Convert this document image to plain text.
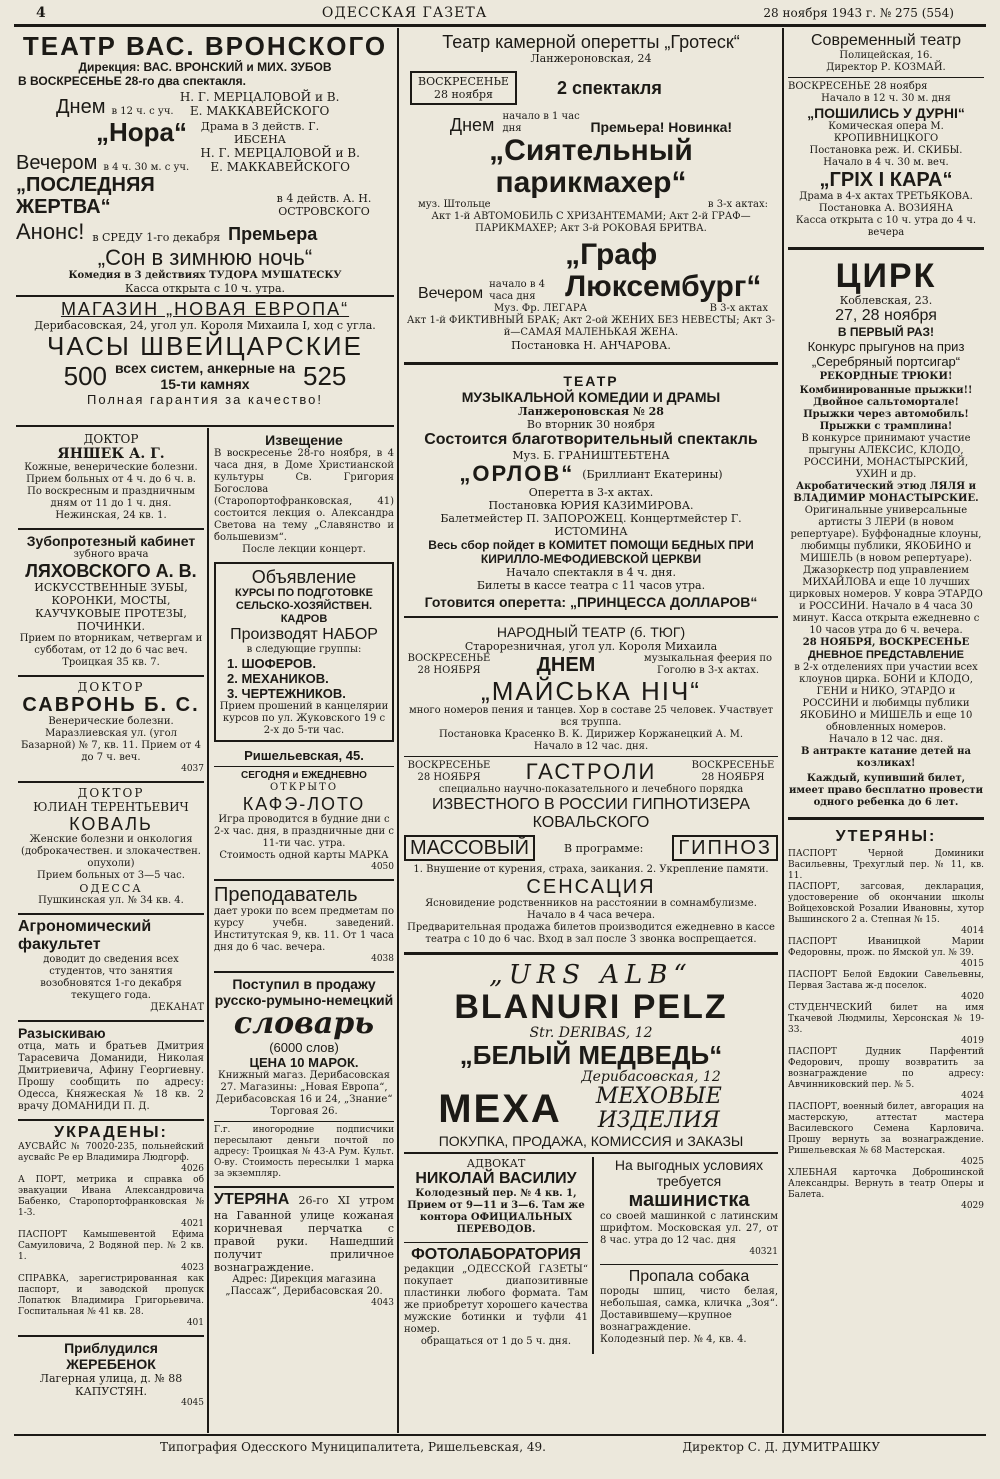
4	ОДЕССКАЯ ГАЗЕТА	28 ноября 1943 г. № 275 (554)
ТЕАТР ВАС. ВРОНСКОГО
Дирекция: ВАС. ВРОНСКИЙ и МИХ. ЗУБОВ
В ВОСКРЕСЕНЬЕ 28-го два спектакля.
Днем в 12 ч. с уч.
Н. Г. МЕРЦАЛОВОЙ и В. Е. МАККАВЕЙСКОГО
„Нора“	Драма в 3 действ. Г. ИБСЕНА
Вечером в 4 ч. 30 м. с уч.
Н. Г. МЕРЦАЛОВОЙ и В. Е. МАККАВЕЙСКОГО
„ПОСЛЕДНЯЯ ЖЕРТВА“	в 4 действ. А. Н. ОСТРОВСКОГО
Анонс! в СРЕДУ 1-го декабря Премьера
„Сон в зимнюю ночь“
Комедия в 3 действиях ТУДОРА МУШАТЕСКУ
Касса открыта с 10 ч. утра.
МАГАЗИН „НОВАЯ ЕВРОПА“
Дерибасовская, 24, угол ул. Короля Михаила I, ход с угла.
ЧАСЫ ШВЕЙЦАРСКИЕ
500 всех систем, анкерные на 15-ти камнях	525
Полная гарантия за качество!
ДОКТОР
ЯНШЕК А. Г.
Кожные, венерические болезни. Прием больных от 4 ч. до 6 ч. в. По воскресным и праздничным дням от 11 до 1 ч. дня.
Нежинская, 24 кв. 1.
Зубопротезный кабинет
зубного врача
ЛЯХОВСКОГО А. В.
ИСКУССТВЕННЫЕ ЗУБЫ, КОРОНКИ, МОСТЫ, КАУЧУКОВЫЕ ПРОТЕЗЫ, ПОЧИНКИ.
Прием по вторникам, четвергам и субботам, от 12 до 6 час веч.
Троицкая 35 кв. 7.
ДОКТОР
САВРОНЬ Б. С.
Венерические болезни.
Маразлиевская ул. (угол Базарной) № 7, кв. 11. Прием от 4 до 7 ч. веч.
4037
ДОКТОР
ЮЛИАН ТЕРЕНТЬЕВИЧ
КОВАЛЬ
Женские болезни и онкология (доброкачествен. и злокачествен. опухоли)
Прием больных от 3—5 час.
ОДЕССА
Пушкинская ул. № 34 кв. 4.
Агрономический факультет
доводит до сведения всех студентов, что занятия возобновятся 1-го декабря текущего года.
ДЕКАНАТ
Разыскиваю
отца, мать и братьев Дмитрия Тарасевича Доманиди, Николая Дмитриевича, Афину Георгиевну. Прошу сообщить по адресу: Одесса, Княжеская № 18 кв. 2 врачу ДОМАНИДИ П. Д.
УКРАДЕНЫ:
АУСВАЙС № 70020-235, польнейский аусвайс Ре ер Владимира Людгорф.
4026
А ПОРТ, метрика и справка об эвакуации Ивана Александровича Бабенко, Старопортофранковская № 1-3.
4021
ПАСПОРТ Камышевентой Ефима Самуиловича, 2 Водяной пер. № 2 кв. 1.
4023
СПРАВКА, зарегистрированная как паспорт, и заводской пропуск Лопатюк Владимира Григорьевича. Госпитальная № 41 кв. 28.
401
Приблудился ЖЕРЕБЕНОК
Лагерная улица, д. № 88
КАПУСТЯН.
4045
Извещение
В воскресенье 28-го ноября, в 4 часа дня, в Доме Христианской культуры Св. Григория Богослова (Старопортофранковская, 41) состоится лекция о. Александра Светова на тему „Славянство и большевизм“.
После лекции концерт.
Объявление
КУРСЫ ПО ПОДГОТОВКЕ СЕЛЬСКО-ХОЗЯЙСТВЕН. КАДРОВ
Производят НАБОР
в следующие группы:
1. ШОФЕРОВ.
2. МЕХАНИКОВ.
3. ЧЕРТЕЖНИКОВ.
Прием прошений в канцелярии курсов по ул. Жуковского 19 с 2-х до 5-ти час.
Ришельевская, 45.
СЕГОДНЯ и ЕЖЕДНЕВНО
ОТКРЫТО
КАФЭ-ЛОТО
Игра проводится в будние дни с 2-х час. дня, в праздничные дни с 11-ти час. утра.
Стоимость одной карты МАРКА
4050
Преподаватель
дает уроки по всем предметам по курсу учебн. заведений. Институтская 9, кв. 11. От 1 часа дня до 6 час. вечера.
4038
Поступил в продажу
русско-румыно-немецкий
словарь
(6000 слов)
ЦЕНА 10 МАРОК.
Книжный магаз. Дерибасовская 27. Магазины: „Новая Европа“, Дерибасовская 16 и 24, „Знание“ Торговая 26.
Г.г. иногородние подписчики пересылают деньги почтой по адресу: Троицкая № 43-А Рум. Культ. О-ву. Стоимость пересылки 1 марка за экземпляр.
УТЕРЯНА 26-го XI утром на Гаванной улице кожаная коричневая перчатка с правой руки. Нашедший получит приличное вознаграждение.
Адрес: Дирекция магазина „Пассаж“, Дерибасовская 20.
4043
Театр камерной оперетты „Гротеск“
Ланжероновская, 24
ВОСКРЕСЕНЬЕ
28 ноября	2 спектакля
Днем начало в 1 час дня	Премьера! Новинка!
„Сиятельный парикмахер“
муз. Штольце	в 3-х актах:
Акт 1-й АВТОМОБИЛЬ С ХРИЗАНТЕМАМИ; Акт 2-й ГРАФ—ПАРИКМАХЕР; Акт 3-й РОКОВАЯ БРИТВА.
Вечером
начало в 4 часа дня
„Граф Люксембург“
Муз. Фр. ЛЕГАРА	В 3-х актах
Акт 1-й ФИКТИВНЫЙ БРАК; Акт 2-ой ЖЕНИХ БЕЗ НЕВЕСТЫ; Акт 3-й—САМАЯ МАЛЕНЬКАЯ ЖЕНА.
Постановка Н. АНЧАРОВА.
ТЕАТР
МУЗЫКАЛЬНОЙ КОМЕДИИ И ДРАМЫ
Ланжероновская № 28
Во вторник 30 ноября
Состоится благотворительный спектакль
Муз. Б. ГРАНИШТЕБТЕНА
„ОРЛОВ“ (Бриллиант Екатерины)
Оперетта в 3-х актах.
Постановка ЮРИЯ КАЗИМИРОВА.
Балетмейстер П. ЗАПОРОЖЕЦ. Концертмейстер Г. ИСТОМИНА
Весь сбор пойдет в КОМИТЕТ ПОМОЩИ БЕДНЫХ ПРИ КИРИЛЛО-МЕФОДИЕВСКОЙ ЦЕРКВИ
Начало спектакля в 4 ч. дня.
Билеты в кассе театра с 11 часов утра.
Готовится оперетта: „ПРИНЦЕССА ДОЛЛАРОВ“
НАРОДНЫЙ ТЕАТР (б. ТЮГ)
Старорезничная, угол ул. Короля Михаила
ВОСКРЕСЕНЬЕ 28 НОЯБРЯ	ДНЕМ	музыкальная феерия по Гоголю в 3-х актах.
„МАЙСЬКА НІЧ“
много номеров пения и танцев. Хор в составе 25 человек. Участвует вся труппа.
Постановка Красенко В. К. Дирижер Коржанецкий А. М.
Начало в 12 час. дня.
ВОСКРЕСЕНЬЕ 28 НОЯБРЯ	ГАСТРОЛИ	ВОСКРЕСЕНЬЕ 28 НОЯБРЯ
специально научно-показательного и лечебного порядка
ИЗВЕСТНОГО В РОССИИ ГИПНОТИЗЕРА КОВАЛЬСКОГО
МАССОВЫЙ	В программе:	ГИПНОЗ
1. Внушение от курения, страха, заикания. 2. Укрепление памяти.
СЕНСАЦИЯ
Ясновидение родственников на расстоянии в сомнамбулизме.
Начало в 4 часа вечера.
Предварительная продажа билетов производится ежедневно в кассе театра с 10 до 6 час. Вход в зал после 3 звонка воспрещается.
„URS ALB“
BLANURI PELZ
Str. DERIBAS, 12
„БЕЛЫЙ МЕДВЕДЬ“
Дерибасовская, 12
МЕХА	МЕХОВЫЕ ИЗДЕЛИЯ
ПОКУПКА, ПРОДАЖА, КОМИССИЯ и ЗАКАЗЫ
АДВОКАТ
НИКОЛАЙ ВАСИЛИУ
Колодезный пер. № 4 кв. 1, Прием от 9—11 и 3—6. Там же контора ОФИЦИАЛЬНЫХ ПЕРЕВОДОВ.
ФОТОЛАБОРАТОРИЯ
редакции „ОДЕССКОЙ ГАЗЕТЫ“ покупает диапозитивные пластинки любого формата. Там же приобретут хорошего качества мужские ботинки и туфли 41 номер.
обращаться от 1 до 5 ч. дня.
На выгодных условиях требуется
машинистка
со своей машинкой с латинским шрифтом. Московская ул. 27, от 8 час. утра до 12 час. дня
40321
Пропала собака
породы шпиц, чисто белая, небольшая, самка, кличка „Зоя“. Доставившему—крупное вознаграждение.
Колодезный пер. № 4, кв. 4.
Современный театр
Полицейская, 16.
Директор Р. КОЗМАЙ.
ВОСКРЕСЕНЬЕ 28 ноября
Начало в 12 ч. 30 м. дня
„ПОШИЛИСЬ У ДУРНІ“
Комическая опера М. КРОПИВНИЦКОГО
Постановка реж. И. СКИБЫ.
Начало в 4 ч. 30 м. веч.
„ГРІХ І КАРА“
Драма в 4-х актах ТРЕТЬЯКОВА.
Постановка А. ВОЗИЯНА
Касса открыта с 10 ч. утра до 4 ч. вечера
ЦИРК
Коблевская, 23.
27, 28 ноября
В ПЕРВЫЙ РАЗ!
Конкурс прыгунов на приз „Серебряный портсигар“
РЕКОРДНЫЕ ТРЮКИ!
Комбинированные прыжки!! Двойное сальтомортале! Прыжки через автомобиль! Прыжки с трамплина!
В конкурсе принимают участие прыгуны АЛЕКСИС, КЛОДО, РОССИНИ, МОНАСТЫРСКИЙ, УХИН и др.
Акробатический этюд ЛЯЛЯ и ВЛАДИМИР МОНАСТЫРСКИЕ.
Оригинальные универсальные артисты 3 ЛЕРИ (в новом репертуаре). Буффонадные клоуны, любимцы публики, ЯКОБИНО и МИШЕЛЬ (в новом репертуаре). Джазоркестр под управлением МИХАЙЛОВА и еще 10 лучших цирковых номеров. У ковра ЭТАРДО и РОССИНИ. Начало в 4 часа 30 минут. Касса открыта ежедневно с 10 часов утра до 6 ч. вечера.
28 НОЯБРЯ, ВОСКРЕСЕНЬЕ
ДНЕВНОЕ ПРЕДСТАВЛЕНИЕ
в 2-х отделениях при участии всех клоунов цирка. БОНИ и КЛОДО, ГЕНИ и НИКО, ЭТАРДО и РОССИНИ и любимцы публики ЯКОБИНО и МИШЕЛЬ и еще 10 обновленных номеров.
Начало в 12 час. дня.
В антракте катание детей на козликах!
Каждый, купивший билет, имеет право бесплатно провести одного ребенка до 6 лет.
УТЕРЯНЫ:
ПАСПОРТ Черной Доминики Васильевны, Трехуглый пер. № 11, кв. 11.
ПАСПОРТ, загсовая, декларация, удостоверение об окончании школы Войцеховской Розалии Ивановны, хутор Вышинского 2 а. Степная № 15.
4014
ПАСПОРТ Иваницкой Марии Федоровны, прож. по Ямской ул. № 39.
4015
ПАСПОРТ Белой Евдокии Савельевны, Первая Застава ж-д поселок.
4020
СТУДЕНЧЕСКИЙ билет на имя Ткачевой Людмилы, Херсонская № 19-33.
4019
ПАСПОРТ Дудник Парфентий Федорович, прошу возвратить за вознаграждение по адресу: Авчинниковский пер. № 5.
4024
ПАСПОРТ, военный билет, авгорация на мастерскую, аттестат мастера Василевского Семена Карловича. Прошу вернуть за вознаграждение. Ришельевская № 68 Мастерская.
4025
ХЛЕБНАЯ карточка Доброшинской Александры. Вернуть в театр Оперы и Балета.
4029
Типография Одесского Муниципалитета, Ришельевская, 49.	Директор С. Д. ДУМИТРАШКУ
